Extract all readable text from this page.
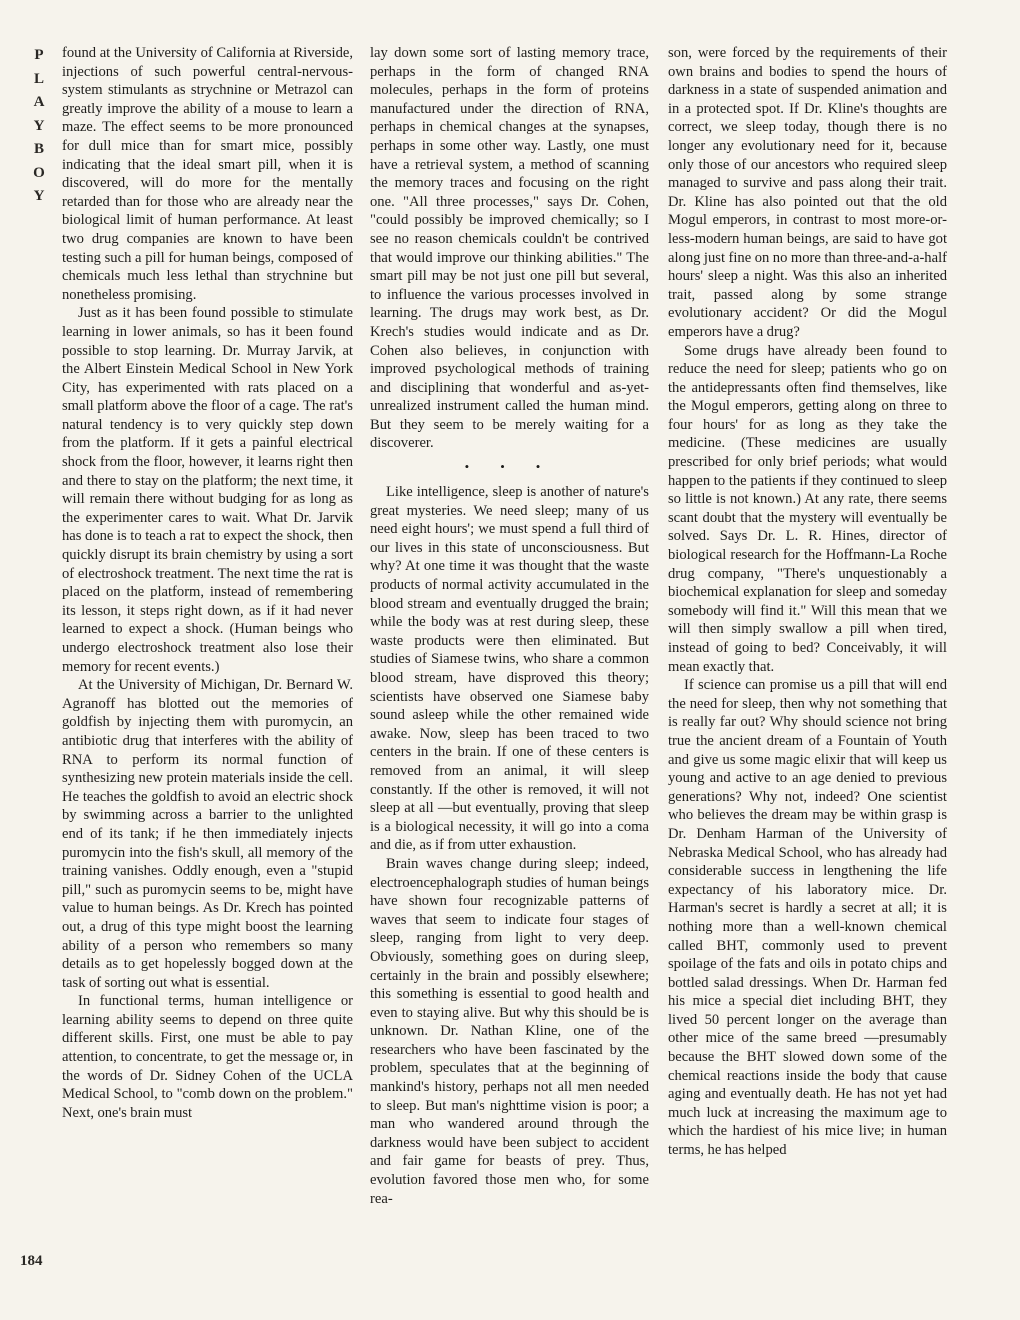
P
L
A
Y
B
O
Y
184

found at the University of California at Riverside, injections of such powerful central-nervous-system stimulants as strychnine or Metrazol can greatly improve the ability of a mouse to learn a maze. The effect seems to be more pronounced for dull mice than for smart mice, possibly indicating that the ideal smart pill, when it is discovered, will do more for the mentally retarded than for those who are already near the biological limit of human performance. At least two drug companies are known to have been testing such a pill for human beings, composed of chemicals much less lethal than strychnine but nonetheless promising.

Just as it has been found possible to stimulate learning in lower animals, so has it been found possible to stop learning. Dr. Murray Jarvik, at the Albert Einstein Medical School in New York City, has experimented with rats placed on a small platform above the floor of a cage. The rat's natural tendency is to very quickly step down from the platform. If it gets a painful electrical shock from the floor, however, it learns right then and there to stay on the platform; the next time, it will remain there without budging for as long as the experimenter cares to wait. What Dr. Jarvik has done is to teach a rat to expect the shock, then quickly disrupt its brain chemistry by using a sort of electroshock treatment. The next time the rat is placed on the platform, instead of remembering its lesson, it steps right down, as if it had never learned to expect a shock. (Human beings who undergo electroshock treatment also lose their memory for recent events.)

At the University of Michigan, Dr. Bernard W. Agranoff has blotted out the memories of goldfish by injecting them with puromycin, an antibiotic drug that interferes with the ability of RNA to perform its normal function of synthesizing new protein materials inside the cell. He teaches the goldfish to avoid an electric shock by swimming across a barrier to the unlighted end of its tank; if he then immediately injects puromycin into the fish's skull, all memory of the training vanishes. Oddly enough, even a "stupid pill," such as puromycin seems to be, might have value to human beings. As Dr. Krech has pointed out, a drug of this type might boost the learning ability of a person who remembers so many details as to get hopelessly bogged down at the task of sorting out what is essential.

In functional terms, human intelligence or learning ability seems to depend on three quite different skills. First, one must be able to pay attention, to concentrate, to get the message or, in the words of Dr. Sidney Cohen of the UCLA Medical School, to "comb down on the problem." Next, one's brain must

lay down some sort of lasting memory trace, perhaps in the form of changed RNA molecules, perhaps in the form of proteins manufactured under the direction of RNA, perhaps in chemical changes at the synapses, perhaps in some other way. Lastly, one must have a retrieval system, a method of scanning the memory traces and focusing on the right one. "All three processes," says Dr. Cohen, "could possibly be improved chemically; so I see no reason chemicals couldn't be contrived that would improve our thinking abilities." The smart pill may be not just one pill but several, to influence the various processes involved in learning. The drugs may work best, as Dr. Krech's studies would indicate and as Dr. Cohen also believes, in conjunction with improved psychological methods of training and disciplining that wonderful and as-yet-unrealized instrument called the human mind. But they seem to be merely waiting for a discoverer.

• • •

Like intelligence, sleep is another of nature's great mysteries. We need sleep; many of us need eight hours'; we must spend a full third of our lives in this state of unconsciousness. But why? At one time it was thought that the waste products of normal activity accumulated in the blood stream and eventually drugged the brain; while the body was at rest during sleep, these waste products were then eliminated. But studies of Siamese twins, who share a common blood stream, have disproved this theory; scientists have observed one Siamese baby sound asleep while the other remained wide awake. Now, sleep has been traced to two centers in the brain. If one of these centers is removed from an animal, it will sleep constantly. If the other is removed, it will not sleep at all —but eventually, proving that sleep is a biological necessity, it will go into a coma and die, as if from utter exhaustion.

Brain waves change during sleep; indeed, electroencephalograph studies of human beings have shown four recognizable patterns of waves that seem to indicate four stages of sleep, ranging from light to very deep. Obviously, something goes on during sleep, certainly in the brain and possibly elsewhere; this something is essential to good health and even to staying alive. But why this should be is unknown. Dr. Nathan Kline, one of the researchers who have been fascinated by the problem, speculates that at the beginning of mankind's history, perhaps not all men needed to sleep. But man's nighttime vision is poor; a man who wandered around through the darkness would have been subject to accident and fair game for beasts of prey. Thus, evolution favored those men who, for some rea-

son, were forced by the requirements of their own brains and bodies to spend the hours of darkness in a state of suspended animation and in a protected spot. If Dr. Kline's thoughts are correct, we sleep today, though there is no longer any evolutionary need for it, because only those of our ancestors who required sleep managed to survive and pass along their trait. Dr. Kline has also pointed out that the old Mogul emperors, in contrast to most more-or-less-modern human beings, are said to have got along just fine on no more than three-and-a-half hours' sleep a night. Was this also an inherited trait, passed along by some strange evolutionary accident? Or did the Mogul emperors have a drug?

Some drugs have already been found to reduce the need for sleep; patients who go on the antidepressants often find themselves, like the Mogul emperors, getting along on three to four hours' for as long as they take the medicine. (These medicines are usually prescribed for only brief periods; what would happen to the patients if they continued to sleep so little is not known.) At any rate, there seems scant doubt that the mystery will eventually be solved. Says Dr. L. R. Hines, director of biological research for the Hoffmann-La Roche drug company, "There's unquestionably a biochemical explanation for sleep and someday somebody will find it." Will this mean that we will then simply swallow a pill when tired, instead of going to bed? Conceivably, it will mean exactly that.

If science can promise us a pill that will end the need for sleep, then why not something that is really far out? Why should science not bring true the ancient dream of a Fountain of Youth and give us some magic elixir that will keep us young and active to an age denied to previous generations? Why not, indeed? One scientist who believes the dream may be within grasp is Dr. Denham Harman of the University of Nebraska Medical School, who has already had considerable success in lengthening the life expectancy of his laboratory mice. Dr. Harman's secret is hardly a secret at all; it is nothing more than a well-known chemical called BHT, commonly used to prevent spoilage of the fats and oils in potato chips and bottled salad dressings. When Dr. Harman fed his mice a special diet including BHT, they lived 50 percent longer on the average than other mice of the same breed —presumably because the BHT slowed down some of the chemical reactions inside the body that cause aging and eventually death. He has not yet had much luck at increasing the maximum age to which the hardiest of his mice live; in human terms, he has helped
